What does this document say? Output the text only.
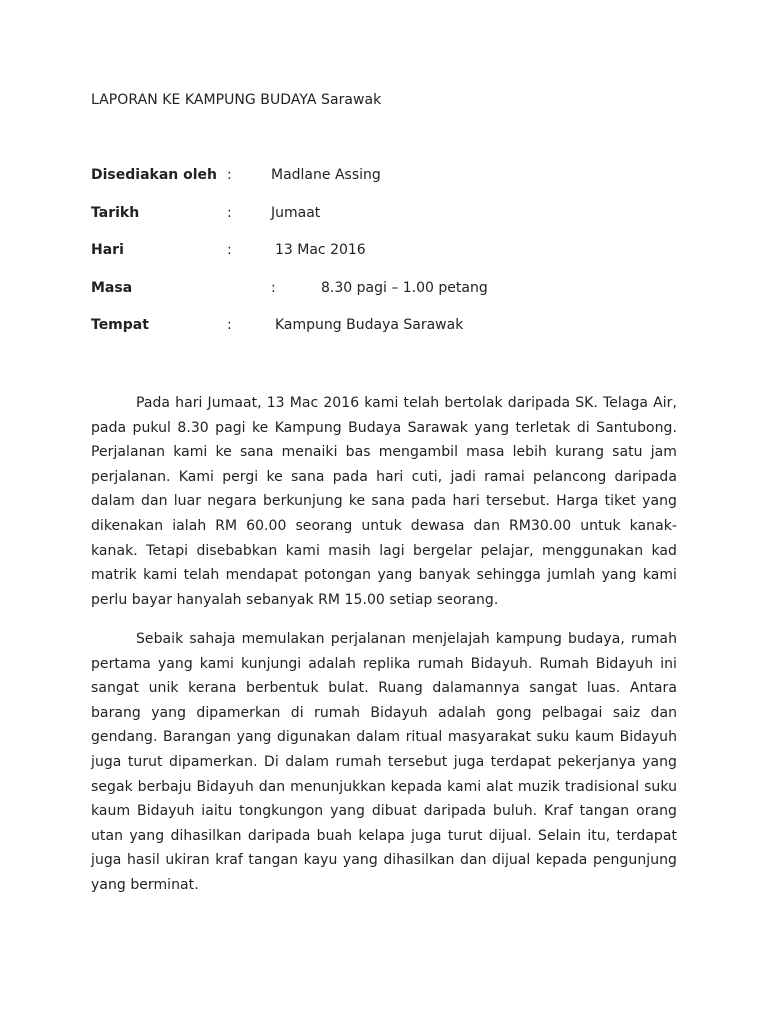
LAPORAN KE KAMPUNG BUDAYA Sarawak
Disediakan oleh :	Madlane Assing
Tarikh	:	Jumaat
Hari	:	13 Mac 2016
Masa	:	8.30 pagi – 1.00 petang
Tempat	:	Kampung Budaya Sarawak

Pada hari Jumaat, 13 Mac 2016 kami telah bertolak daripada SK. Telaga Air, pada pukul 8.30 pagi ke Kampung Budaya Sarawak yang terletak di Santubong. Perjalanan kami ke sana menaiki bas mengambil masa lebih kurang satu jam perjalanan. Kami pergi ke sana pada hari cuti, jadi ramai pelancong daripada dalam dan luar negara berkunjung ke sana pada hari tersebut. Harga tiket yang dikenakan ialah RM 60.00 seorang untuk dewasa dan RM30.00 untuk kanak-kanak. Tetapi disebabkan kami masih lagi bergelar pelajar, menggunakan kad matrik kami telah mendapat potongan yang banyak sehingga jumlah yang kami perlu bayar hanyalah sebanyak RM 15.00 setiap seorang.

Sebaik sahaja memulakan perjalanan menjelajah kampung budaya, rumah pertama yang kami kunjungi adalah replika rumah Bidayuh. Rumah Bidayuh ini sangat unik kerana berbentuk bulat. Ruang dalamannya sangat luas. Antara barang yang dipamerkan di rumah Bidayuh adalah gong pelbagai saiz dan gendang. Barangan yang digunakan dalam ritual masyarakat suku kaum Bidayuh juga turut dipamerkan. Di dalam rumah tersebut juga terdapat pekerjanya yang segak berbaju Bidayuh dan menunjukkan kepada kami alat muzik tradisional suku kaum Bidayuh iaitu tongkungon yang dibuat daripada buluh. Kraf tangan orang utan yang dihasilkan daripada buah kelapa juga turut dijual. Selain itu, terdapat juga hasil ukiran kraf tangan kayu yang dihasilkan dan dijual kepada pengunjung yang berminat.
